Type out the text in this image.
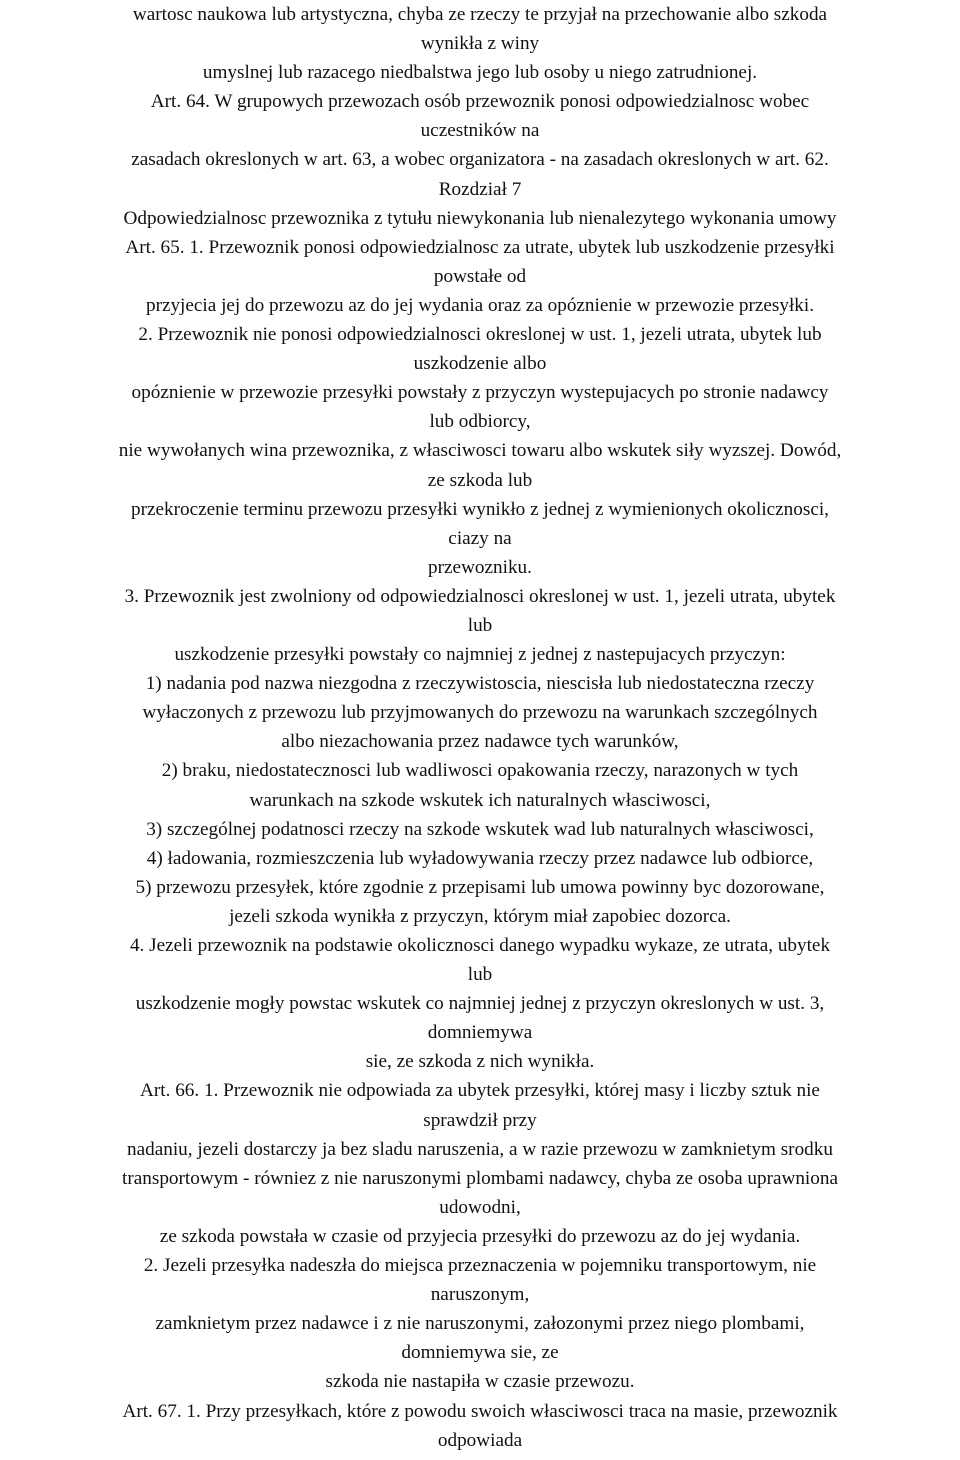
wartosc naukowa lub artystyczna, chyba ze rzeczy te przyjał na przechowanie albo szkoda
wynikła z winy
umyslnej lub razacego niedbalstwa jego lub osoby u niego zatrudnionej.
Art. 64. W grupowych przewozach osób przewoznik ponosi odpowiedzialnosc wobec
uczestników na
zasadach okreslonych w art. 63, a wobec organizatora - na zasadach okreslonych w art. 62.
Rozdział 7
Odpowiedzialnosc przewoznika z tytułu niewykonania lub nienalezytego wykonania umowy
Art. 65. 1. Przewoznik ponosi odpowiedzialnosc za utrate, ubytek lub uszkodzenie przesyłki
powstałe od
przyjecia jej do przewozu az do jej wydania oraz za opóznienie w przewozie przesyłki.
2. Przewoznik nie ponosi odpowiedzialnosci okreslonej w ust. 1, jezeli utrata, ubytek lub
uszkodzenie albo
opóznienie w przewozie przesyłki powstały z przyczyn wystepujacych po stronie nadawcy
lub odbiorcy,
nie wywołanych wina przewoznika, z własciwosci towaru albo wskutek siły wyzszej. Dowód,
ze szkoda lub
przekroczenie terminu przewozu przesyłki wynikło z jednej z wymienionych okolicznosci,
ciazy na
przewozniku.
3. Przewoznik jest zwolniony od odpowiedzialnosci okreslonej w ust. 1, jezeli utrata, ubytek
lub
uszkodzenie przesyłki powstały co najmniej z jednej z nastepujacych przyczyn:
1) nadania pod nazwa niezgodna z rzeczywistoscia, niescisła lub niedostateczna rzeczy
wyłaczonych z przewozu lub przyjmowanych do przewozu na warunkach szczególnych
albo niezachowania przez nadawce tych warunków,
2) braku, niedostatecznosci lub wadliwosci opakowania rzeczy, narazonych w tych
warunkach na szkode wskutek ich naturalnych własciwosci,
3) szczególnej podatnosci rzeczy na szkode wskutek wad lub naturalnych własciwosci,
4) ładowania, rozmieszczenia lub wyładowywania rzeczy przez nadawce lub odbiorce,
5) przewozu przesyłek, które zgodnie z przepisami lub umowa powinny byc dozorowane,
jezeli szkoda wynikła z przyczyn, którym miał zapobiec dozorca.
4. Jezeli przewoznik na podstawie okolicznosci danego wypadku wykaze, ze utrata, ubytek
lub
uszkodzenie mogły powstac wskutek co najmniej jednej z przyczyn okreslonych w ust. 3,
domniemywa
sie, ze szkoda z nich wynikła.
Art. 66. 1. Przewoznik nie odpowiada za ubytek przesyłki, której masy i liczby sztuk nie
sprawdził przy
nadaniu, jezeli dostarczy ja bez sladu naruszenia, a w razie przewozu w zamknietym srodku
transportowym - równiez z nie naruszonymi plombami nadawcy, chyba ze osoba uprawniona
udowodni,
ze szkoda powstała w czasie od przyjecia przesyłki do przewozu az do jej wydania.
2. Jezeli przesyłka nadeszła do miejsca przeznaczenia w pojemniku transportowym, nie
naruszonym,
zamknietym przez nadawce i z nie naruszonymi, załozonymi przez niego plombami,
domniemywa sie, ze
szkoda nie nastapiła w czasie przewozu.
Art. 67. 1. Przy przesyłkach, które z powodu swoich własciwosci traca na masie, przewoznik
odpowiada
